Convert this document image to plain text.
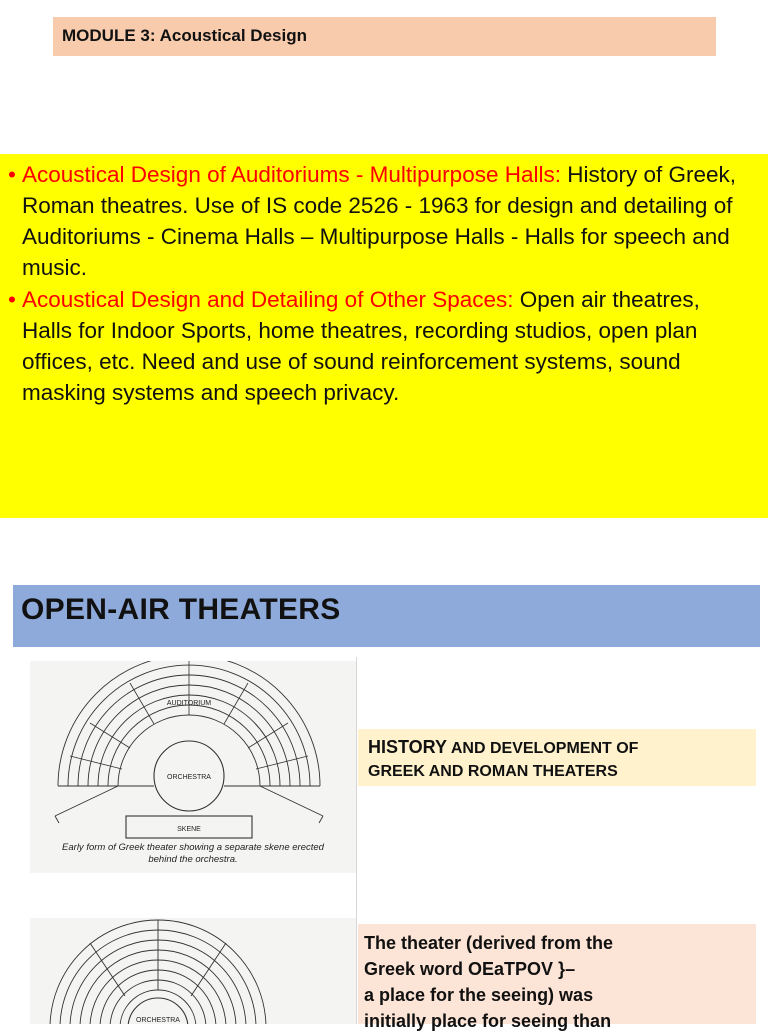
MODULE 3: Acoustical Design
• Acoustical Design of Auditoriums - Multipurpose Halls: History of Greek, Roman theatres. Use of IS code 2526 - 1963 for design and detailing of Auditoriums - Cinema Halls – Multipurpose Halls - Halls for speech and music.
• Acoustical Design and Detailing of Other Spaces: Open air theatres, Halls for Indoor Sports, home theatres, recording studios, open plan offices, etc. Need and use of sound reinforcement systems, sound masking systems and speech privacy.
OPEN-AIR THEATERS
ORCHESTRA
AUDITORIUM
SKENE
Early form of Greek theater showing a separate skene erected
behind the orchestra.
ORCHESTRA
HISTORY AND DEVELOPMENT OF
GREEK AND ROMAN THEATERS
The theater (derived from the
Greek word OEaTPOV }–
a place for the seeing) was
initially place for seeing than
